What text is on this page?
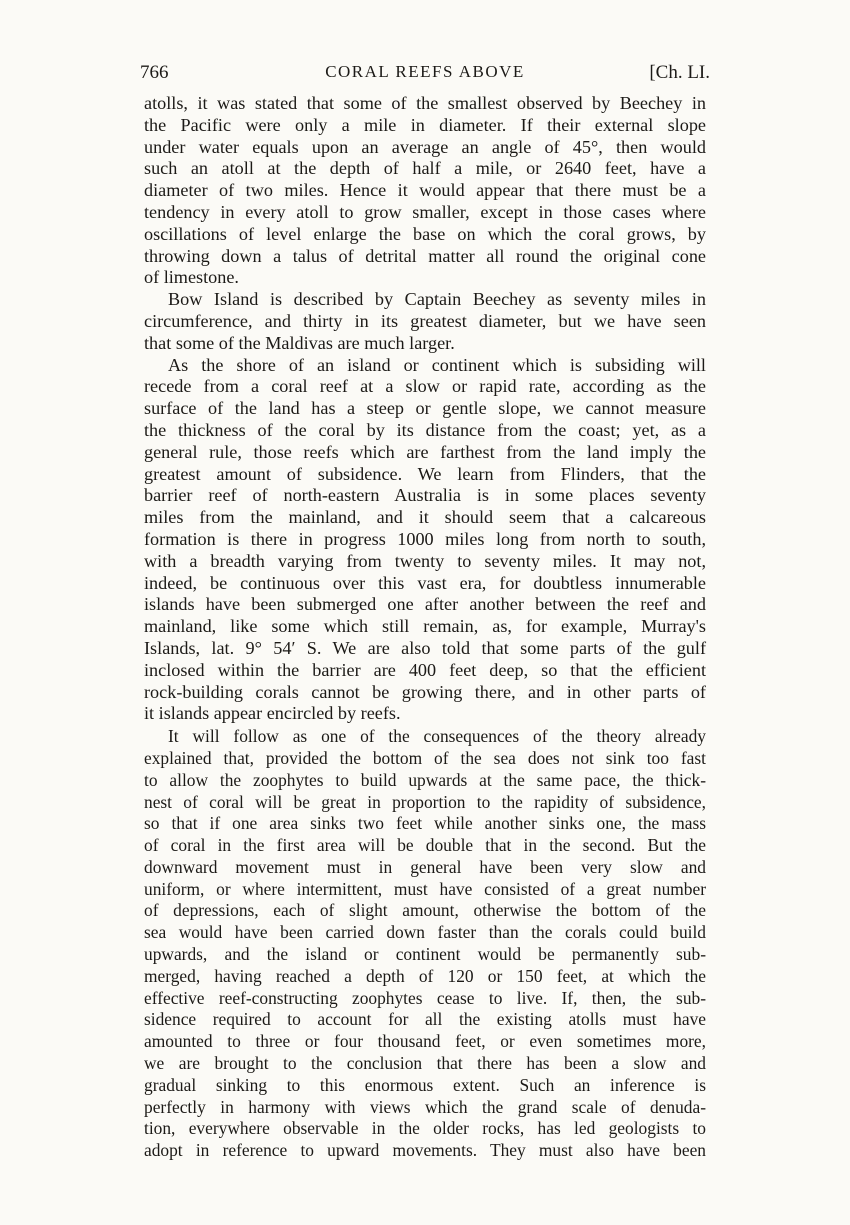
766	CORAL REEFS ABOVE	[Ch. LI.
atolls, it was stated that some of the smallest observed by Beechey in
the Pacific were only a mile in diameter. If their external slope
under water equals upon an average an angle of 45°, then would
such an atoll at the depth of half a mile, or 2640 feet, have a
diameter of two miles. Hence it would appear that there must be a
tendency in every atoll to grow smaller, except in those cases where
oscillations of level enlarge the base on which the coral grows, by
throwing down a talus of detrital matter all round the original cone
of limestone.
Bow Island is described by Captain Beechey as seventy miles in
circumference, and thirty in its greatest diameter, but we have seen
that some of the Maldivas are much larger.
As the shore of an island or continent which is subsiding will
recede from a coral reef at a slow or rapid rate, according as the
surface of the land has a steep or gentle slope, we cannot measure
the thickness of the coral by its distance from the coast; yet, as a
general rule, those reefs which are farthest from the land imply the
greatest amount of subsidence. We learn from Flinders, that the
barrier reef of north-eastern Australia is in some places seventy
miles from the mainland, and it should seem that a calcareous
formation is there in progress 1000 miles long from north to south,
with a breadth varying from twenty to seventy miles. It may not,
indeed, be continuous over this vast era, for doubtless innumerable
islands have been submerged one after another between the reef and
mainland, like some which still remain, as, for example, Murray's
Islands, lat. 9° 54′ S. We are also told that some parts of the gulf
inclosed within the barrier are 400 feet deep, so that the efficient
rock-building corals cannot be growing there, and in other parts of
it islands appear encircled by reefs.
It will follow as one of the consequences of the theory already
explained that, provided the bottom of the sea does not sink too fast
to allow the zoophytes to build upwards at the same pace, the thick-
nest of coral will be great in proportion to the rapidity of subsidence,
so that if one area sinks two feet while another sinks one, the mass
of coral in the first area will be double that in the second. But the
downward movement must in general have been very slow and
uniform, or where intermittent, must have consisted of a great number
of depressions, each of slight amount, otherwise the bottom of the
sea would have been carried down faster than the corals could build
upwards, and the island or continent would be permanently sub-
merged, having reached a depth of 120 or 150 feet, at which the
effective reef-constructing zoophytes cease to live. If, then, the sub-
sidence required to account for all the existing atolls must have
amounted to three or four thousand feet, or even sometimes more,
we are brought to the conclusion that there has been a slow and
gradual sinking to this enormous extent. Such an inference is
perfectly in harmony with views which the grand scale of denuda-
tion, everywhere observable in the older rocks, has led geologists to
adopt in reference to upward movements. They must also have been
